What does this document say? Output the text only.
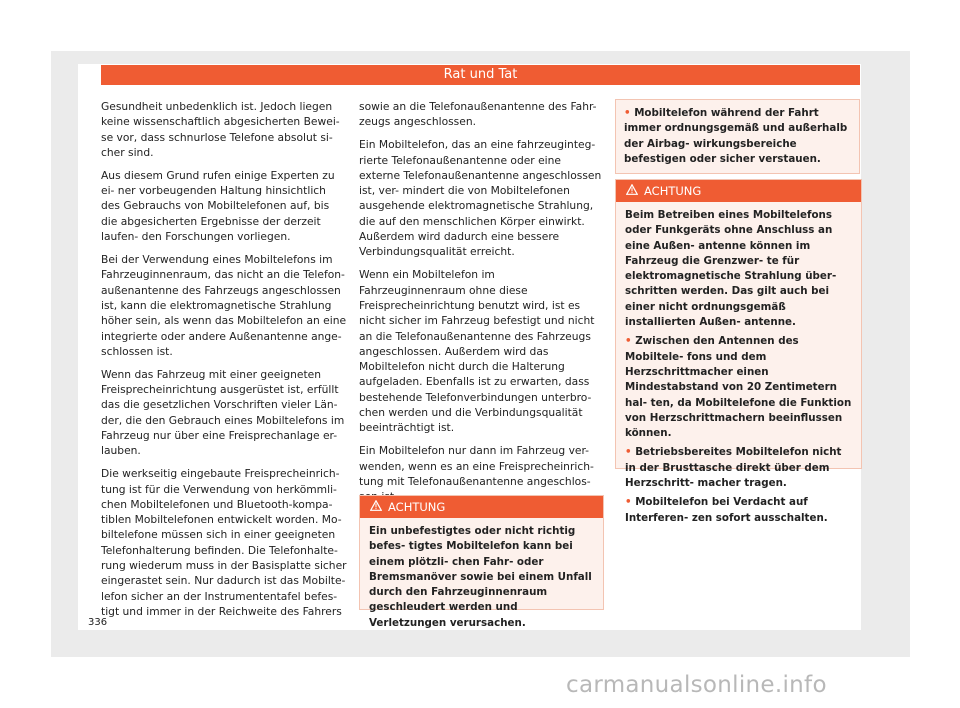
Rat und Tat

Gesundheit unbedenklich ist. Jedoch liegen keine wissenschaftlich abgesicherten Bewei- se vor, dass schnurlose Telefone absolut si- cher sind.

Aus diesem Grund rufen einige Experten zu ei- ner vorbeugenden Haltung hinsichtlich des Gebrauchs von Mobiltelefonen auf, bis die abgesicherten Ergebnisse der derzeit laufen- den Forschungen vorliegen.

Bei der Verwendung eines Mobiltelefons im Fahrzeuginnenraum, das nicht an die Telefon- außenantenne des Fahrzeugs angeschlossen ist, kann die elektromagnetische Strahlung höher sein, als wenn das Mobiltelefon an eine integrierte oder andere Außenantenne ange- schlossen ist.

Wenn das Fahrzeug mit einer geeigneten Freisprecheinrichtung ausgerüstet ist, erfüllt das die gesetzlichen Vorschriften vieler Län- der, die den Gebrauch eines Mobiltelefons im Fahrzeug nur über eine Freisprechanlage er- lauben.

Die werkseitig eingebaute Freisprecheinrich- tung ist für die Verwendung von herkömmli- chen Mobiltelefonen und Bluetooth-kompa- tiblen Mobiltelefonen entwickelt worden. Mo- biltelefone müssen sich in einer geeigneten Telefonhalterung befinden. Die Telefonhalte- rung wiederum muss in der Basisplatte sicher eingerastet sein. Nur dadurch ist das Mobilte- lefon sicher an der Instrumententafel befes- tigt und immer in der Reichweite des Fahrers

sowie an die Telefonaußenantenne des Fahr- zeugs angeschlossen.

Ein Mobiltelefon, das an eine fahrzeuginteg- rierte Telefonaußenantenne oder eine externe Telefonaußenantenne angeschlossen ist, ver- mindert die von Mobiltelefonen ausgehende elektromagnetische Strahlung, die auf den menschlichen Körper einwirkt. Außerdem wird dadurch eine bessere Verbindungsqualität erreicht.

Wenn ein Mobiltelefon im Fahrzeuginnenraum ohne diese Freisprecheinrichtung benutzt wird, ist es nicht sicher im Fahrzeug befestigt und nicht an die Telefonaußenantenne des Fahrzeugs angeschlossen. Außerdem wird das Mobiltelefon nicht durch die Halterung aufgeladen. Ebenfalls ist zu erwarten, dass bestehende Telefonverbindungen unterbro- chen werden und die Verbindungsqualität beeinträchtigt ist.

Ein Mobiltelefon nur dann im Fahrzeug ver- wenden, wenn es an eine Freisprecheinrich- tung mit Telefonaußenantenne angeschlos-

ACHTUNG

Ein unbefestigtes oder nicht richtig befes- tigtes Mobiltelefon kann bei einem plötzli- chen Fahr- oder Bremsmanöver sowie bei einem Unfall durch den Fahrzeuginnenraum geschleudert werden und Verletzungen verursachen.

• Mobiltelefon während der Fahrt immer ordnungsgemäß und außerhalb der Airbag- wirkungsbereiche befestigen oder sicher verstauen.
ACHTUNG

Beim Betreiben eines Mobiltelefons oder Funkgeräts ohne Anschluss an eine Außen- antenne können im Fahrzeug die Grenzwer- te für elektromagnetische Strahlung über- schritten werden. Das gilt auch bei einer nicht ordnungsgemäß installierten Außen- antenne.

• Zwischen den Antennen des Mobiltele- fons und dem Herzschrittmacher einen Mindestabstand von 20 Zentimetern hal- ten, da Mobiltelefone die Funktion von Herzschrittmachern beeinflussen können.

• Betriebsbereites Mobiltelefon nicht in der Brusttasche direkt über dem Herzschritt- macher tragen.

• Mobiltelefon bei Verdacht auf Interferen- zen sofort ausschalten.

336
carmanualsonline.info
